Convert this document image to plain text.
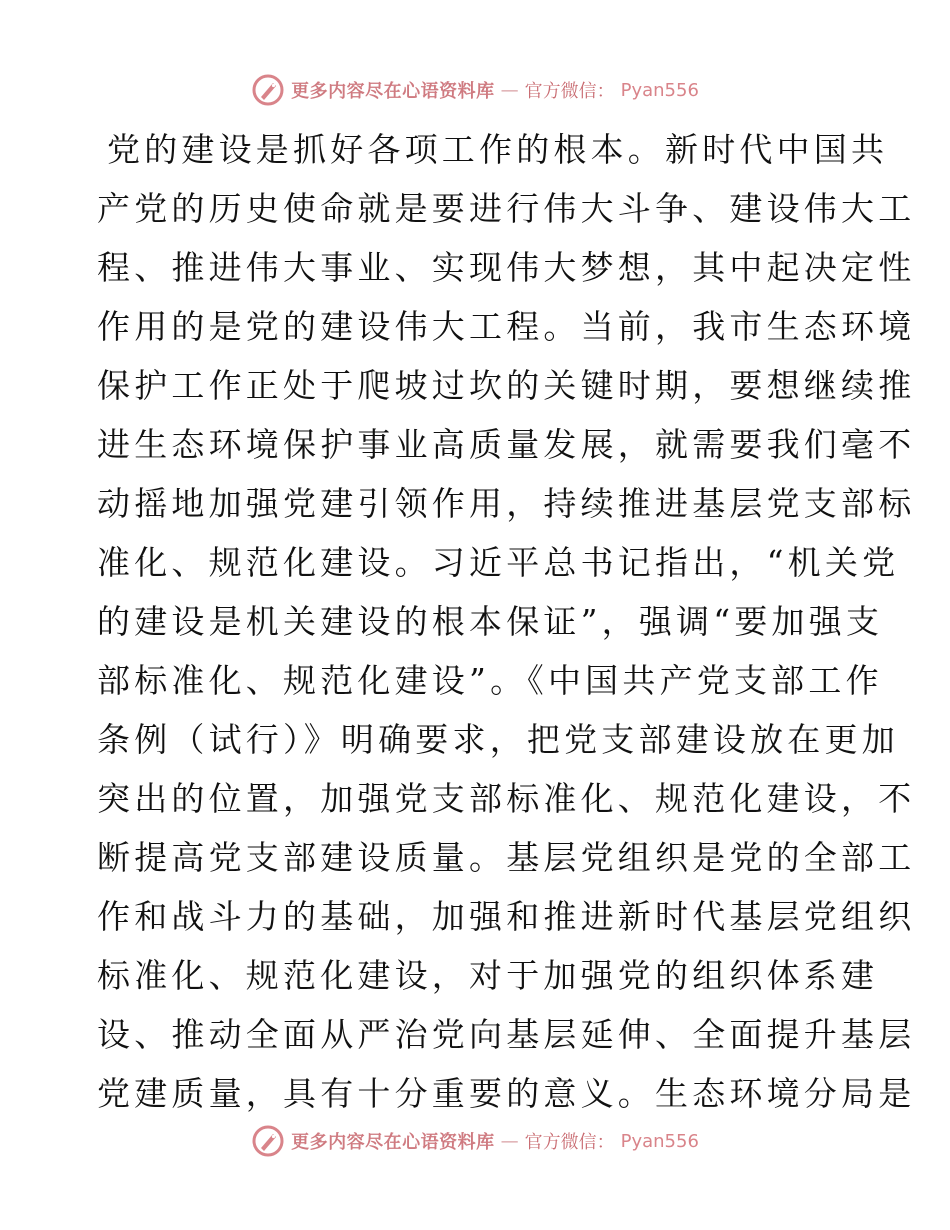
更多内容尽在心语资料库 — 官方微信： Pyan556
党的建设是抓好各项工作的根本。新时代中国共
产党的历史使命就是要进行伟大斗争、建设伟大工
程、推进伟大事业、实现伟大梦想，其中起决定性
作用的是党的建设伟大工程。当前，我市生态环境
保护工作正处于爬坡过坎的关键时期，要想继续推
进生态环境保护事业高质量发展，就需要我们毫不
动摇地加强党建引领作用，持续推进基层党支部标
准化、规范化建设。习近平总书记指出，“机关党
的建设是机关建设的根本保证”，强调“要加强支
部标准化、规范化建设”。《中国共产党支部工作
条例（试行）》明确要求，把党支部建设放在更加
突出的位置，加强党支部标准化、规范化建设，不
断提高党支部建设质量。基层党组织是党的全部工
作和战斗力的基础，加强和推进新时代基层党组织
标准化、规范化建设，对于加强党的组织体系建
设、推动全面从严治党向基层延伸、全面提升基层
党建质量，具有十分重要的意义。生态环境分局是
更多内容尽在心语资料库 — 官方微信： Pyan556
